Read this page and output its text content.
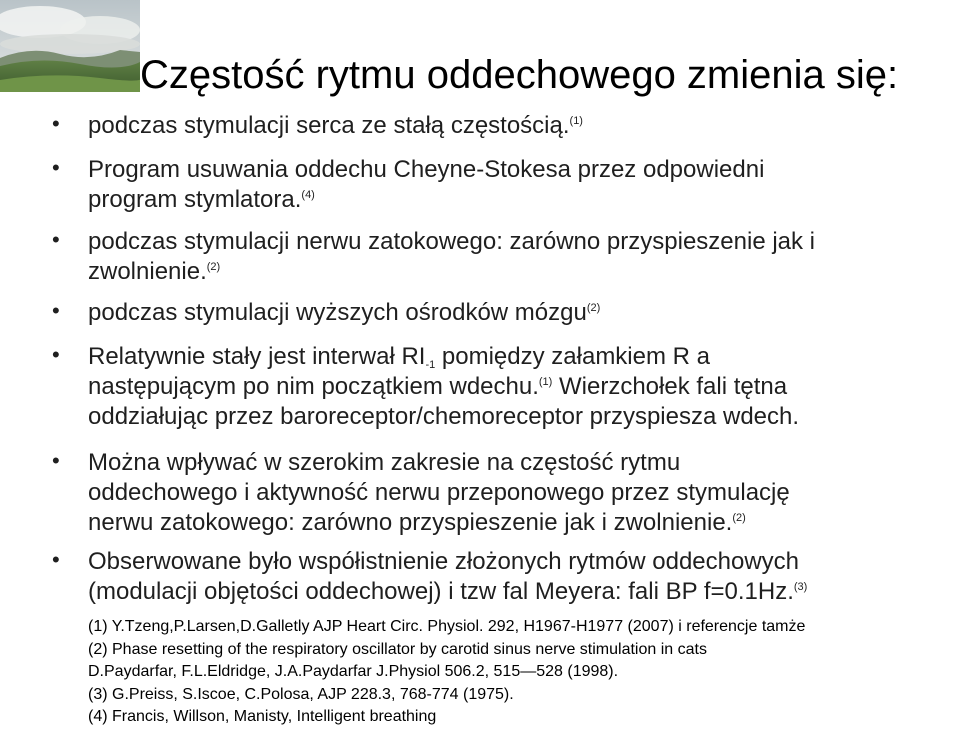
Częstość rytmu oddechowego zmienia się:
• podczas stymulacji serca ze stałą częstością.$^{(1)}$
• Program usuwania oddechu Cheyne-Stokesa przez odpowiedni
program stymlatora.$^{(4)}$
• podczas stymulacji nerwu zatokowego: zarówno przyspieszenie jak i
zwolnienie.$^{(2)}$
• podczas stymulacji wyższych ośrodków mózgu$^{(2)}$
• Relatywnie stały jest interwał RI-1 pomiędzy załamkiem R a
następującym po nim początkiem wdechu.$^{(1)}$ Wierzchołek fali tętna
oddziałując przez baroreceptor/chemoreceptor przyspiesza wdech.
• Można wpływać w szerokim zakresie na częstość rytmu
oddechowego i aktywność nerwu przeponowego przez stymulację
nerwu zatokowego: zarówno przyspieszenie jak i zwolnienie.$^{(2)}$
• Obserwowane było współistnienie złożonych rytmów oddechowych
(modulacji objętości oddechowej) i tzw fal Meyera: fali BP f=0.1Hz.$^{(3)}$
(1) Y.Tzeng,P.Larsen,D.Galletly AJP Heart Circ. Physiol. 292, H1967-H1977 (2007) i referencje tamże
(2) Phase resetting of the respiratory oscillator by carotid sinus nerve stimulation in cats
D.Paydarfar, F.L.Eldridge, J.A.Paydarfar J.Physiol 506.2, 515—528 (1998).
(3) G.Preiss, S.Iscoe, C.Polosa, AJP 228.3, 768-774 (1975).
(4) Francis, Willson, Manisty, Intelligent breathing
